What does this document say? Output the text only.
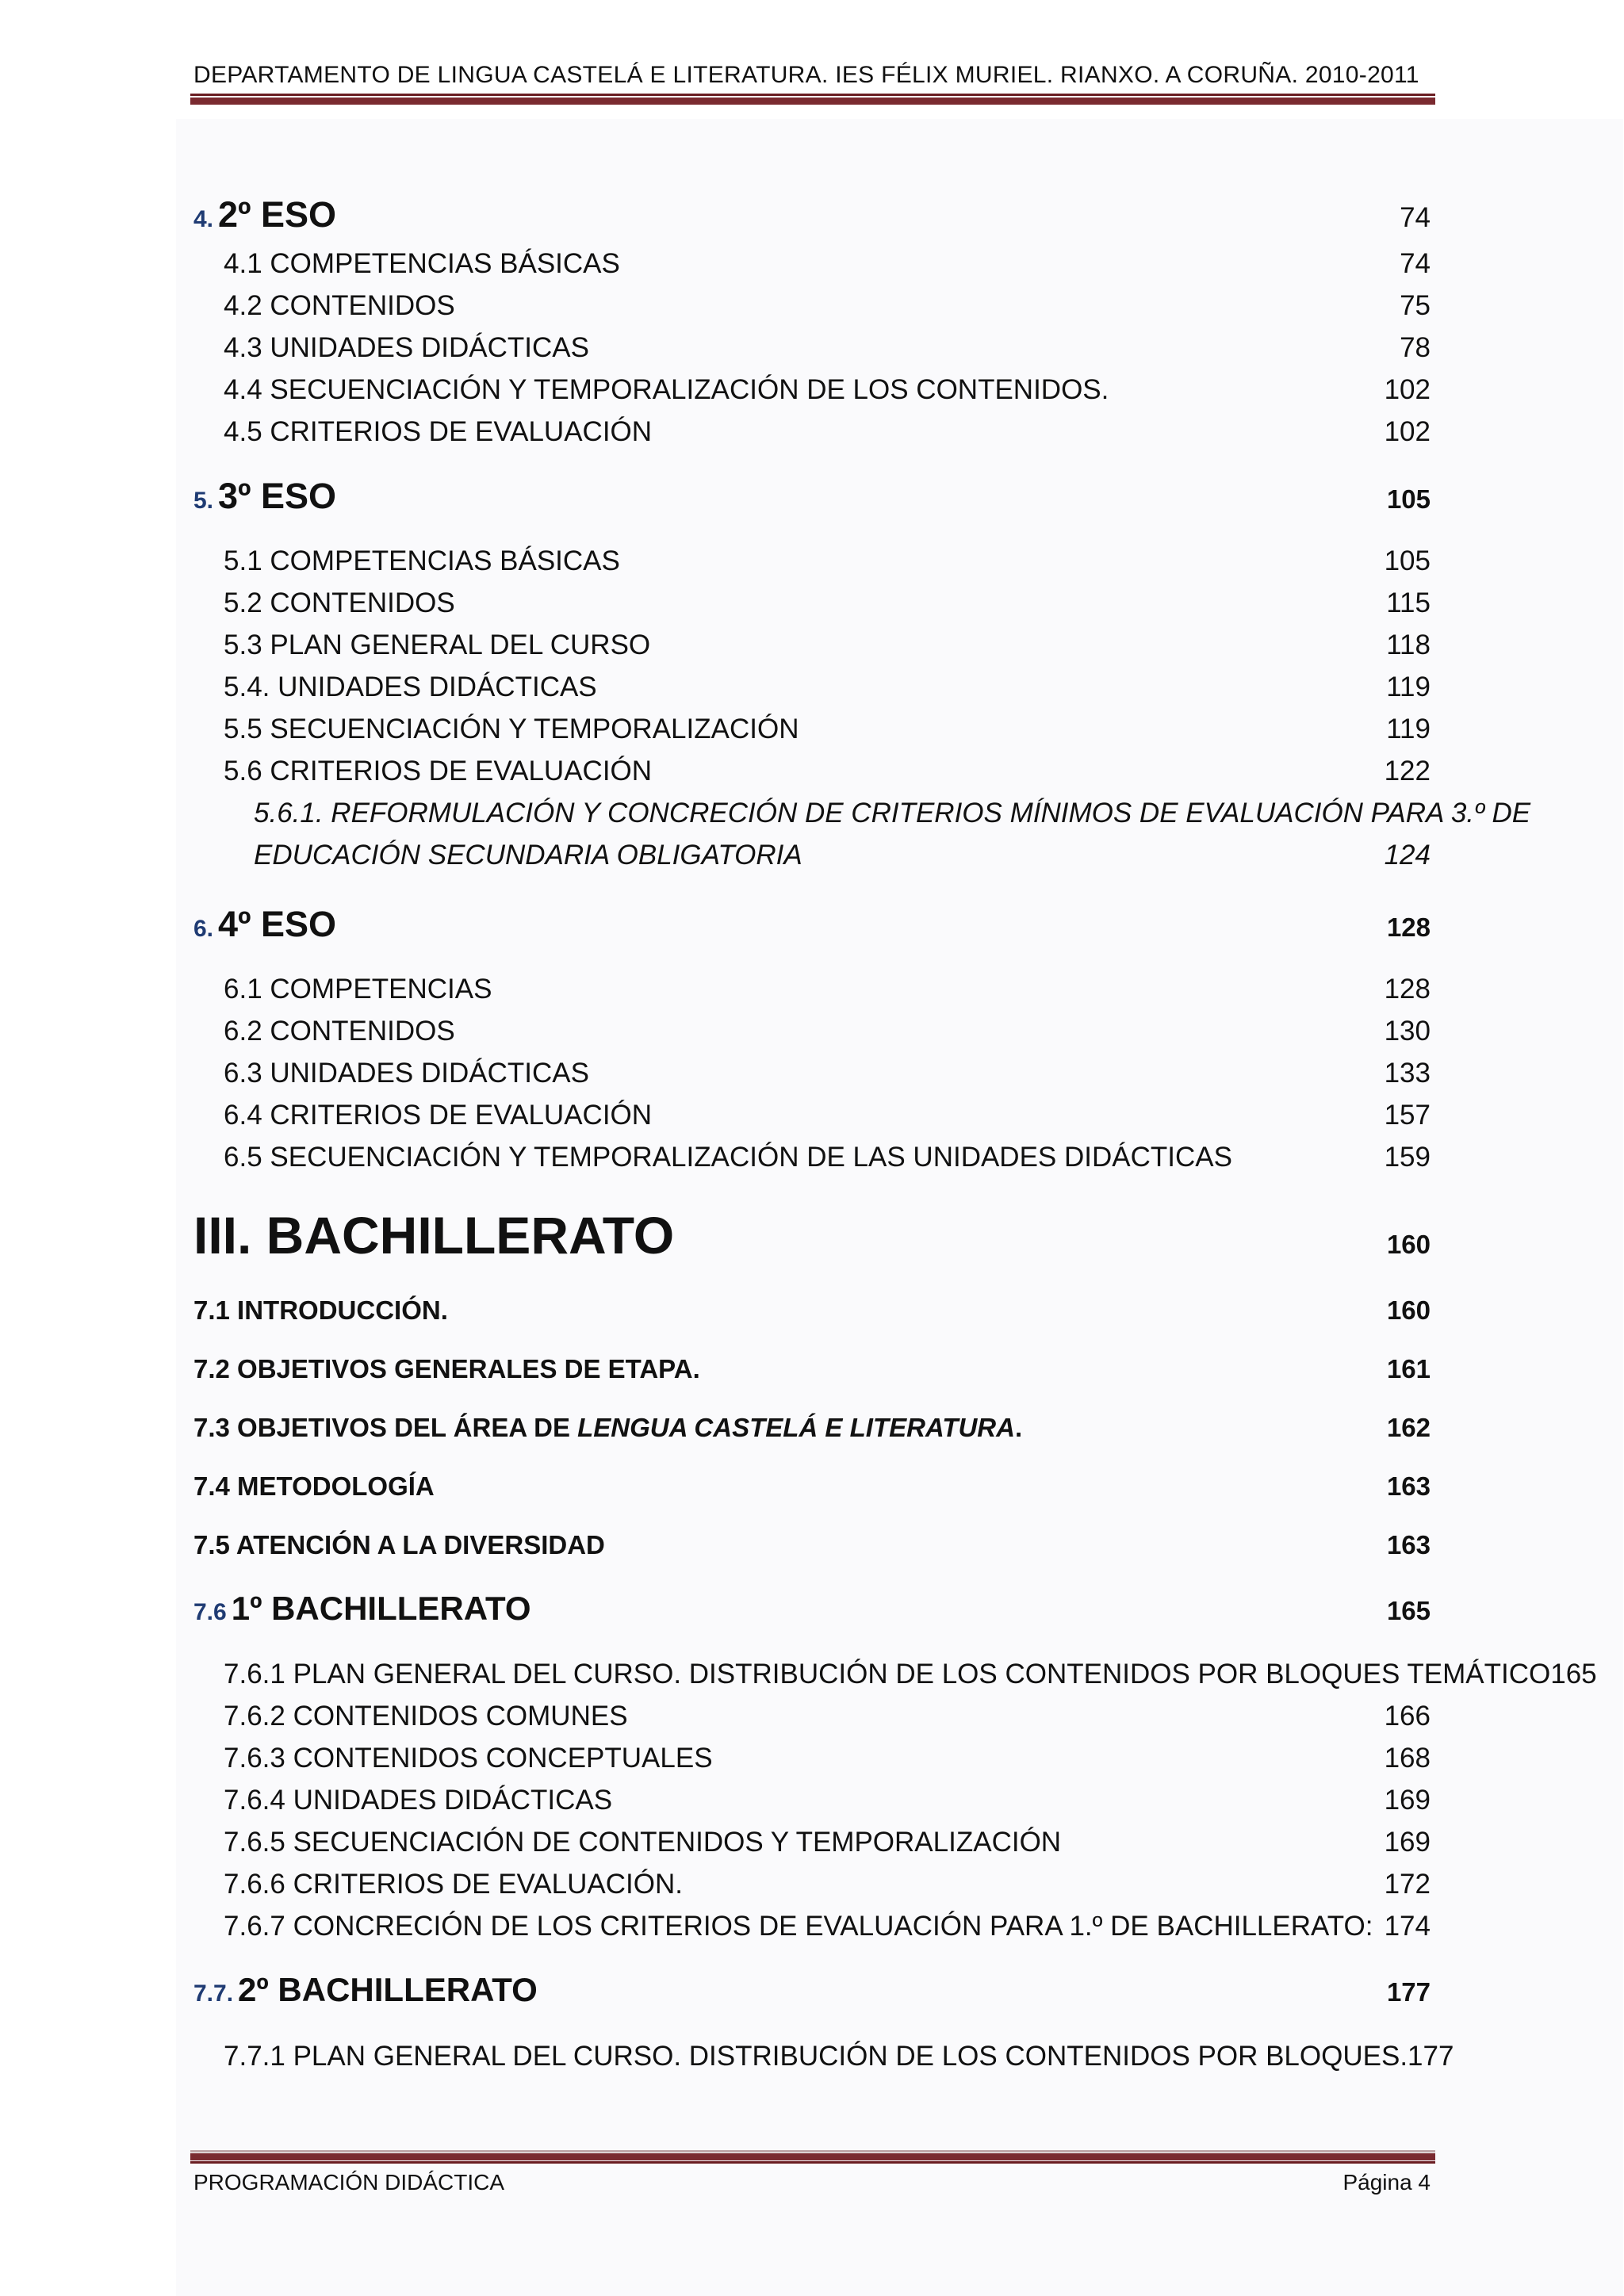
DEPARTAMENTO DE LINGUA CASTELÁ E LITERATURA. IES FÉLIX MURIEL. RIANXO. A CORUÑA. 2010-2011
4. 2º ESO	74
4.1 COMPETENCIAS BÁSICAS	74
4.2 CONTENIDOS	75
4.3 UNIDADES DIDÁCTICAS	78
4.4 SECUENCIACIÓN Y TEMPORALIZACIÓN DE LOS CONTENIDOS.	102
4.5 CRITERIOS DE EVALUACIÓN	102
5. 3º ESO	105
5.1 COMPETENCIAS BÁSICAS	105
5.2 CONTENIDOS	115
5.3 PLAN GENERAL DEL CURSO	118
5.4. UNIDADES DIDÁCTICAS	119
5.5 SECUENCIACIÓN Y TEMPORALIZACIÓN	119
5.6 CRITERIOS DE EVALUACIÓN	122
5.6.1. REFORMULACIÓN Y CONCRECIÓN DE CRITERIOS MÍNIMOS DE EVALUACIÓN PARA 3.º DE
EDUCACIÓN SECUNDARIA OBLIGATORIA	124
6. 4º ESO	128
6.1 COMPETENCIAS	128
6.2 CONTENIDOS	130
6.3 UNIDADES DIDÁCTICAS	133
6.4 CRITERIOS DE EVALUACIÓN	157
6.5 SECUENCIACIÓN Y TEMPORALIZACIÓN DE LAS UNIDADES DIDÁCTICAS	159
III. BACHILLERATO	160
7.1 INTRODUCCIÓN.	160
7.2 OBJETIVOS GENERALES DE ETAPA.	161
7.3 OBJETIVOS DEL ÁREA DE LENGUA CASTELÁ E LITERATURA.	162
7.4 METODOLOGÍA	163
7.5 ATENCIÓN A LA DIVERSIDAD	163
7.6 1º BACHILLERATO	165
7.6.1 PLAN GENERAL DEL CURSO. DISTRIBUCIÓN DE LOS CONTENIDOS POR BLOQUES TEMÁTICO 165
7.6.2 CONTENIDOS COMUNES	166
7.6.3 CONTENIDOS CONCEPTUALES	168
7.6.4 UNIDADES DIDÁCTICAS	169
7.6.5 SECUENCIACIÓN DE CONTENIDOS Y TEMPORALIZACIÓN	169
7.6.6 CRITERIOS DE EVALUACIÓN.	172
7.6.7 CONCRECIÓN DE LOS CRITERIOS DE EVALUACIÓN PARA 1.º DE BACHILLERATO: 174
7.7. 2º BACHILLERATO	177
7.7.1 PLAN GENERAL DEL CURSO. DISTRIBUCIÓN DE LOS CONTENIDOS POR BLOQUES. 177
PROGRAMACIÓN DIDÁCTICA	Página 4
